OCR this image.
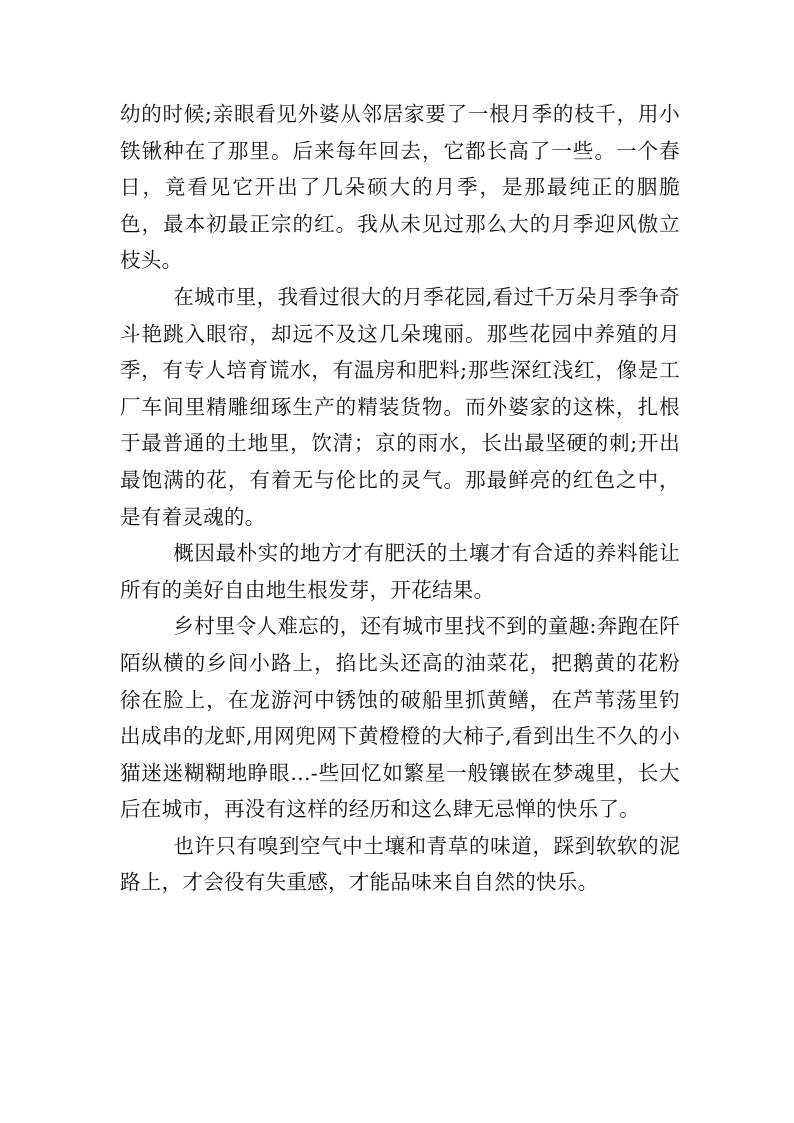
幼的时候;亲眼看见外婆从邻居家要了一根月季的枝千，用小铁锹种在了那里。后来每年回去，它都长高了一些。一个春日，竟看见它开出了几朵硕大的月季，是那最纯正的胭脆色，最本初最正宗的红。我从未见过那么大的月季迎风傲立枝头。

在城市里，我看过很大的月季花园,看过千万朵月季争奇斗艳跳入眼帘，却远不及这几朵瑰丽。那些花园中养殖的月季，有专人培育谎水，有温房和肥料;那些深红浅红，像是工厂车间里精雕细琢生产的精装货物。而外婆家的这株，扎根于最普通的土地里，饮清；京的雨水，长出最坚硬的刺;开出最饱满的花，有着无与伦比的灵气。那最鲜亮的红色之中，是有着灵魂的。

概因最朴实的地方才有肥沃的土壤才有合适的养料能让所有的美好自由地生根发芽，开花结果。

乡村里令人难忘的，还有城市里找不到的童趣:奔跑在阡陌纵横的乡间小路上，掐比头还高的油菜花，把鹅黄的花粉徐在脸上，在龙游河中锈蚀的破船里抓黄鳝，在芦苇荡里钓出成串的龙虾,用网兜网下黄橙橙的大柿子,看到出生不久的小猫迷迷糊糊地睁眼...-些回忆如繁星一般镶嵌在梦魂里，长大后在城市，再没有这样的经历和这么肆无忌惮的快乐了。

也许只有嗅到空气中土壤和青草的味道，踩到软软的泥路上，才会役有失重感，才能品味来自自然的快乐。
